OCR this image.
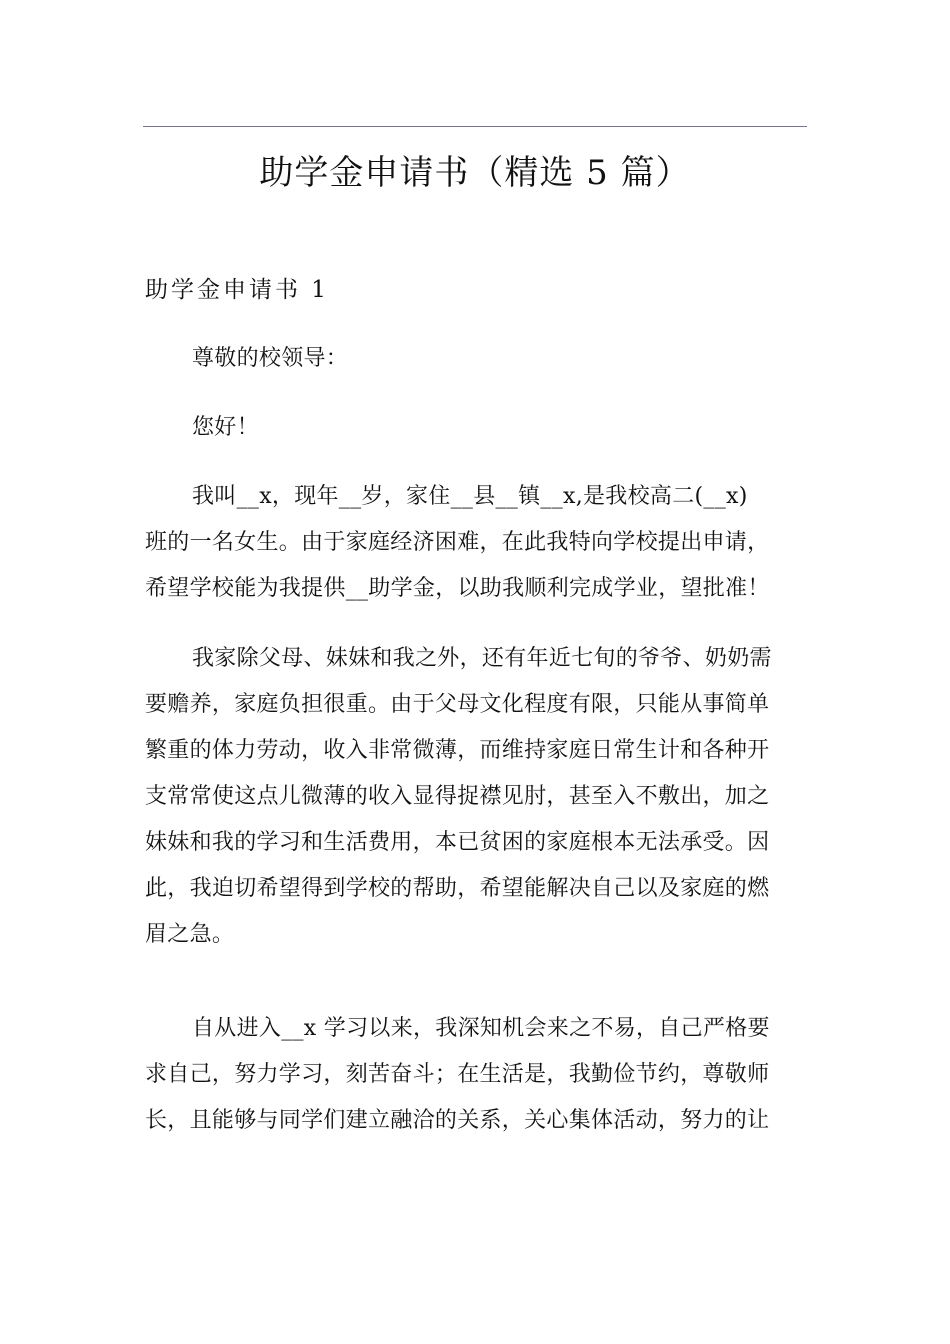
助学金申请书（精选 5 篇）
助学金申请书 1
尊敬的校领导：
您好！
我叫__x，现年__岁，家住__县__镇__x,是我校高二(__x)
班的一名女生。由于家庭经济困难，在此我特向学校提出申请，
希望学校能为我提供__助学金，以助我顺利完成学业，望批准！
我家除父母、妹妹和我之外，还有年近七旬的爷爷、奶奶需
要赡养，家庭负担很重。由于父母文化程度有限，只能从事简单
繁重的体力劳动，收入非常微薄，而维持家庭日常生计和各种开
支常常使这点儿微薄的收入显得捉襟见肘，甚至入不敷出，加之
妹妹和我的学习和生活费用，本已贫困的家庭根本无法承受。因
此，我迫切希望得到学校的帮助，希望能解决自己以及家庭的燃
眉之急。
自从进入__x 学习以来，我深知机会来之不易，自己严格要
求自己，努力学习，刻苦奋斗；在生活是，我勤俭节约，尊敬师
长，且能够与同学们建立融洽的关系，关心集体活动，努力的让
